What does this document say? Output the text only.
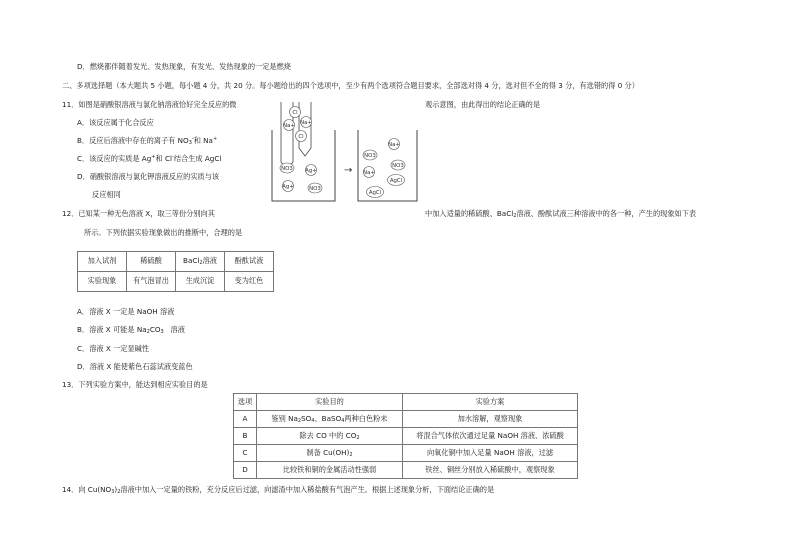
D．燃烧都伴随着发光、发热现象，有发光、发热现象的一定是燃烧
二、多项选择题（本大题共 5 小题，每小题 4 分，共 20 分。每小题给出的四个选项中，至少有两个选项符合题目要求，全部选对得 4 分，选对但不全的得 3 分，有选错的得 0 分）
11．如图是硝酸银溶液与氯化钠溶液恰好完全反应的微	观示意图，由此得出的结论正确的是
A．该反应属于化合反应
B．反应后溶液中存在的离子有 $NO_3^-$和 Na+
C．该反应的实质是 Ag+和 Cl-结合生成 AgCl
D．硝酸银溶液与氯化钾溶液反应的实质与该
反应相同
Cl
Na+ Na+
Cl
NO3 Ag+
Ag+	NO3
→
Na+
NO3
NO3
Na+
AgCl
AgCl
12．已知某一种无色溶液 X，取三等份分别向其	中加入适量的稀硫酸、BaCl$_2$溶液、酚酞试液三种溶液中的各一种，产生的现象如下表
所示。下列依据实验现象做出的推断中，合理的是
加入试剂	稀硫酸	BaCl$_2$溶液	酚酞试液
实验现象	有气泡冒出	生成沉淀	变为红色
A．溶液 X 一定是 NaOH 溶液
B．溶液 X 可能是 $Na_2CO_3$ 溶液
C．溶液 X 一定显碱性
D．溶液 X 能使紫色石蕊试液变蓝色
13．下列实验方案中，能达到相应实验目的是
选项	实验目的	实验方案
A	鉴别 $Na_2SO_4$、BaSO$_4$两种白色粉末	加水溶解，观察现象
B	除去 CO 中的 $CO_2$	将混合气体依次通过足量 NaOH 溶液、浓硫酸
C	制备 $Cu(OH)_2$	向氧化铜中加入足量 NaOH 溶液，过滤
D	比较铁和铜的金属活动性强弱	铁丝、铜丝分别放入稀硫酸中，观察现象
14．向 $Cu(NO_3)_2$溶液中加入一定量的铁粉，充分反应后过滤，向滤渣中加入稀盐酸有气泡产生。根据上述现象分析，下面结论正确的是
